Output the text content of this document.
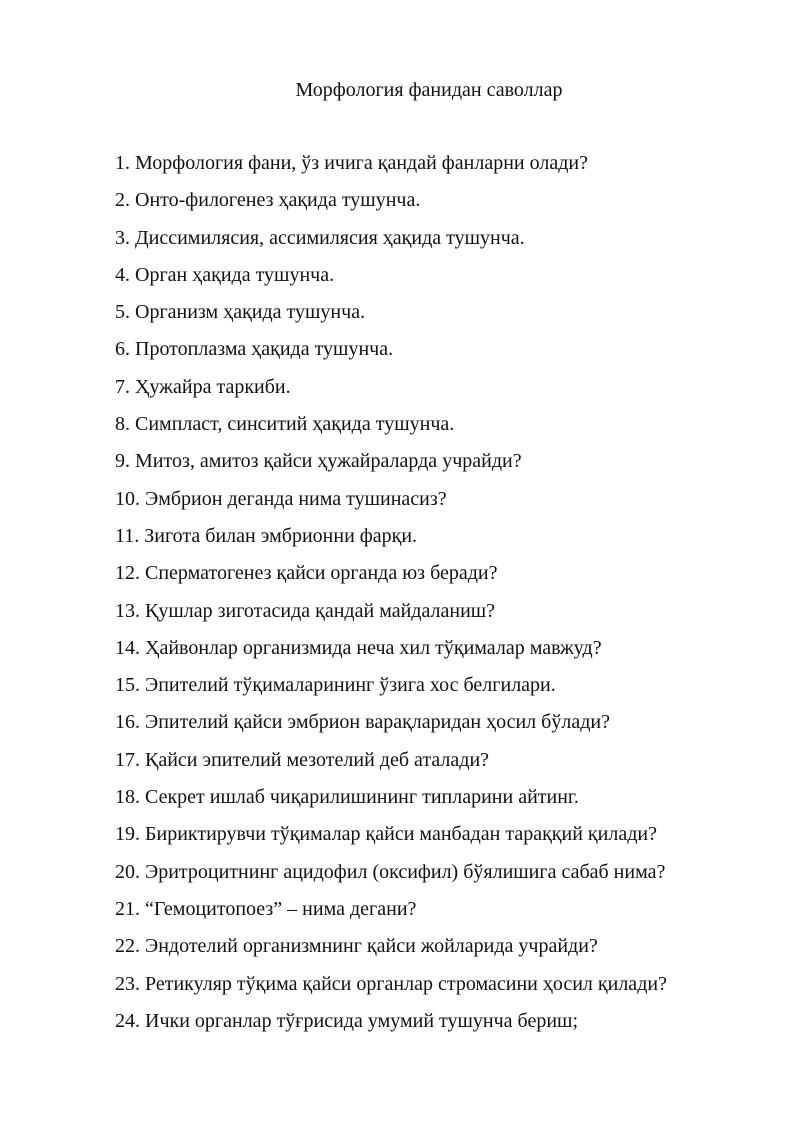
Морфология фанидан саволлар
1. Морфология фани, ўз ичига қандай фанларни олади?
2. Онто-филогенез ҳақида тушунча.
3. Диссимилясия, ассимилясия ҳақида тушунча.
4. Орган ҳақида тушунча.
5. Организм ҳақида тушунча.
6. Протоплазма ҳақида тушунча.
7. Ҳужайра таркиби.
8. Симпласт, синситий ҳақида тушунча.
9. Митоз, амитоз қайси ҳужайраларда учрайди?
10. Эмбрион деганда нима тушинасиз?
11. Зигота билан эмбрионни фарқи.
12. Сперматогенез қайси органда юз беради?
13. Қушлар зиготасида қандай майдаланиш?
14. Ҳайвонлар организмида неча хил тўқималар мавжуд?
15. Эпителий тўқималарининг ўзига хос белгилари.
16. Эпителий қайси эмбрион варақларидан ҳосил бўлади?
17. Қайси эпителий мезотелий деб аталади?
18. Секрет ишлаб чиқарилишининг типларини айтинг.
19. Бириктирувчи тўқималар қайси манбадан тараққий қилади?
20. Эритроцитнинг ацидофил (оксифил) бўялишига сабаб нима?
21. “Гемоцитопоез” – нима дегани?
22. Эндотелий организмнинг қайси жойларида учрайди?
23. Ретикуляр тўқима қайси органлар стромасини ҳосил қилади?
24. Ички органлар тўғрисида умумий тушунча бериш;
